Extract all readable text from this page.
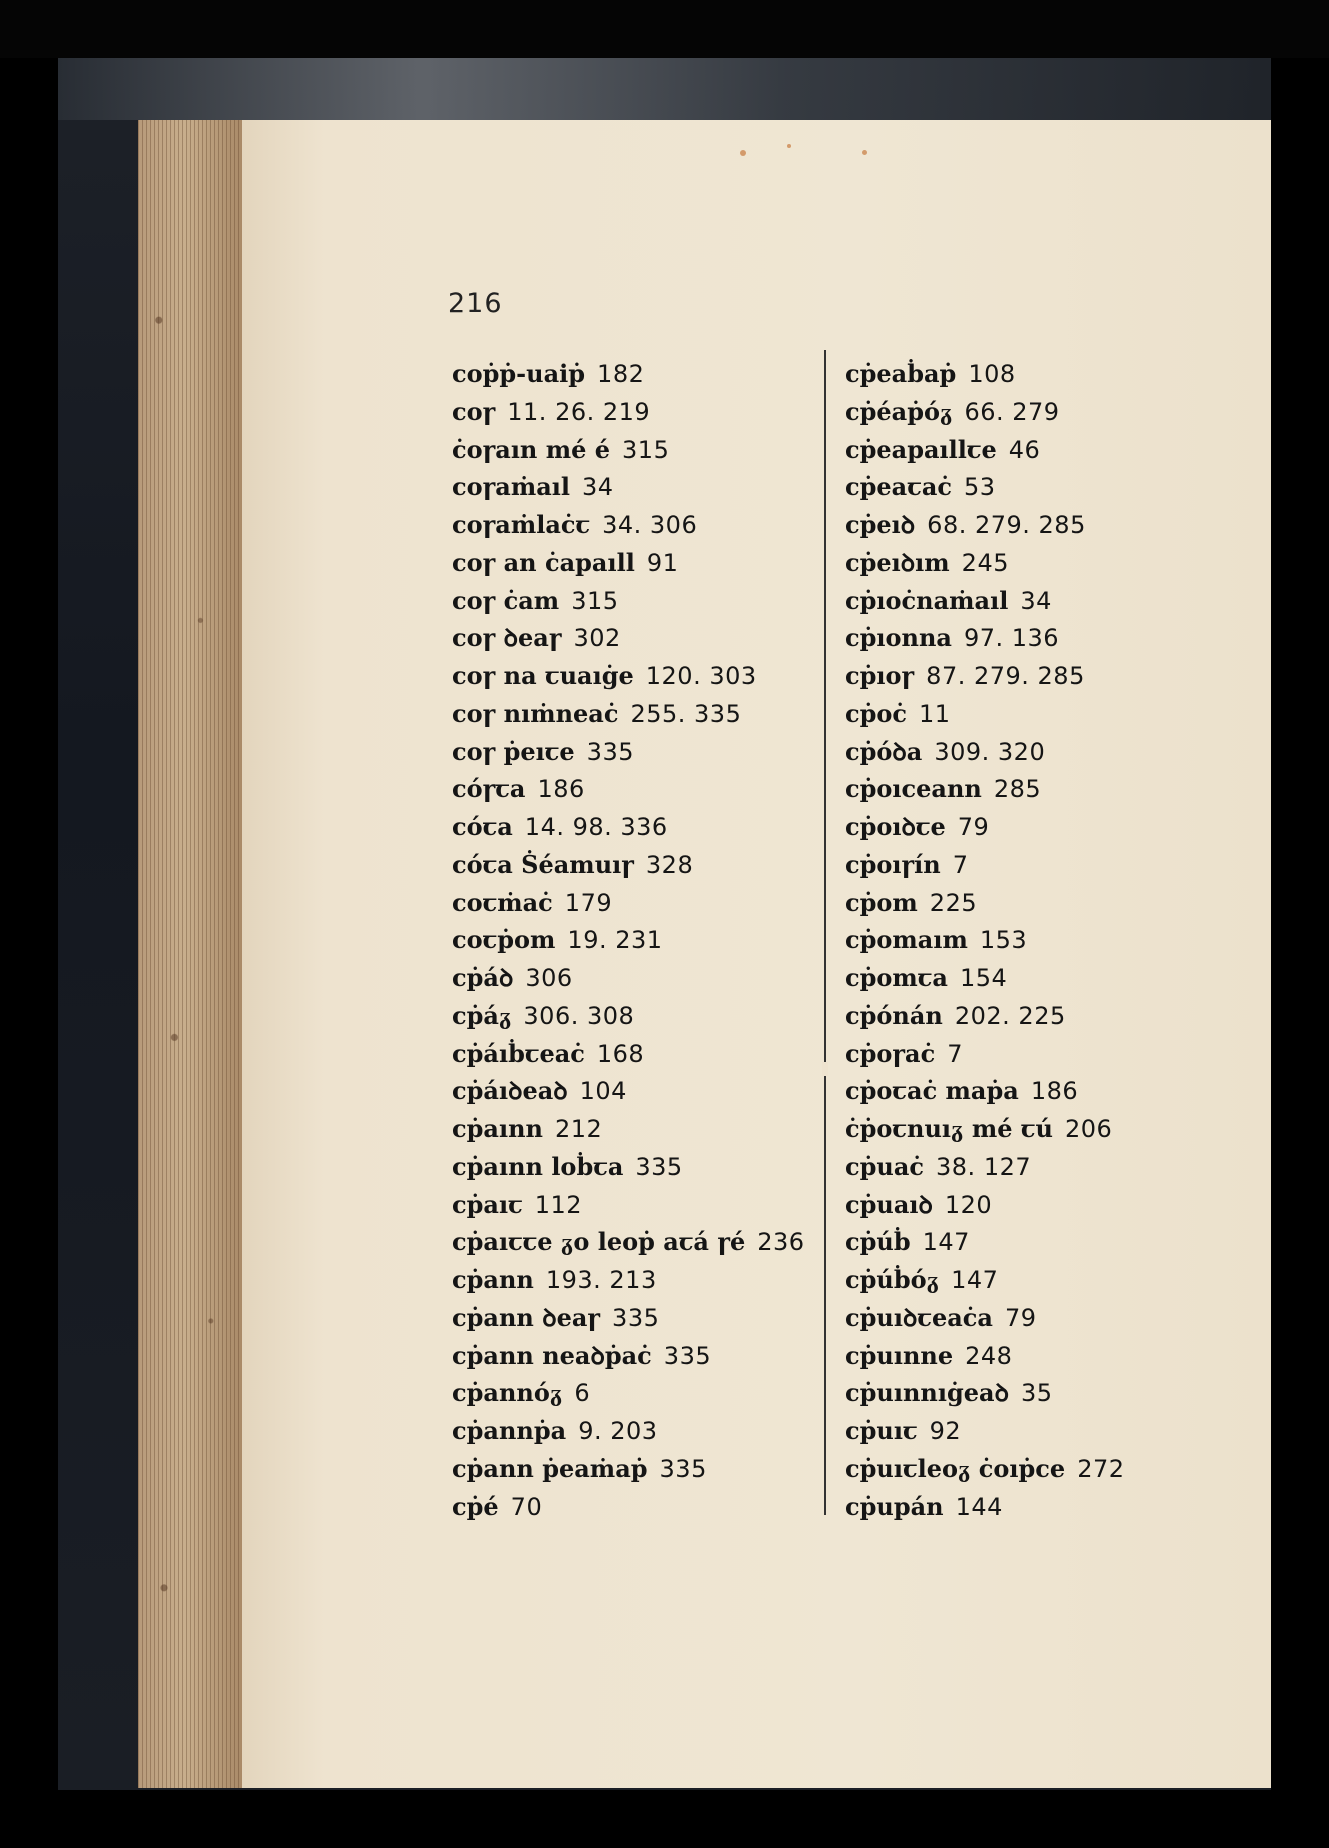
216
coṗṗ-uaiṗ 182
coꞅ 11. 26. 219
ċoꞅaın mé é 315
coꞅaṁaıl 34
coꞅaṁlaċꞇ 34. 306
coꞅ an ċapaıll 91
coꞅ ċam 315
coꞅ ꝺeaꞅ 302
coꞅ na ꞇuaıġe 120. 303
coꞅ nıṁneaċ 255. 335
coꞅ ṗeıꞇe 335
cóꞅꞇa 186
cóꞇa 14. 98. 336
cóꞇa Ṡéamuıꞅ 328
coꞇṁaċ 179
coꞇṗom 19. 231
cṗáꝺ 306
cṗáᵹ 306. 308
cṗáıḃꞇeaċ 168
cṗáıꝺeaꝺ 104
cṗaınn 212
cṗaınn loḃꞇa 335
cṗaıꞇ 112
cṗaıꞇꞇe ᵹo leoṗ aꞇá ꞅé 236
cṗann 193. 213
cṗann ꝺeaꞅ 335
cṗann neaꝺṗaċ 335
cṗannóᵹ 6
cṗannṗa 9. 203
cṗann ṗeaṁaṗ 335
cṗé 70
cṗeaḃaṗ 108
cṗéaṗóᵹ 66. 279
cṗeapaıllꞇe 46
cṗeaꞇaċ 53
cṗeıꝺ 68. 279. 285
cṗeıꝺım 245
cṗıoċnaṁaıl 34
cṗıonna 97. 136
cṗıoꞅ 87. 279. 285
cṗoċ 11
cṗóꝺa 309. 320
cṗoıceann 285
cṗoıꝺꞇe 79
cṗoıꞅín 7
cṗom 225
cṗomaım 153
cṗomꞇa 154
cṗónán 202. 225
cṗoꞅaċ 7
cṗoꞇaċ maṗa 186
ċṗoꞇnuıᵹ mé ꞇú 206
cṗuaċ 38. 127
cṗuaıꝺ 120
cṗúḃ 147
cṗúḃóᵹ 147
cṗuıꝺꞇeaċa 79
cṗuınne 248
cṗuınnıġeaꝺ 35
cṗuıꞇ 92
cṗuıꞇleoᵹ ċoıṗce 272
cṗupán 144
